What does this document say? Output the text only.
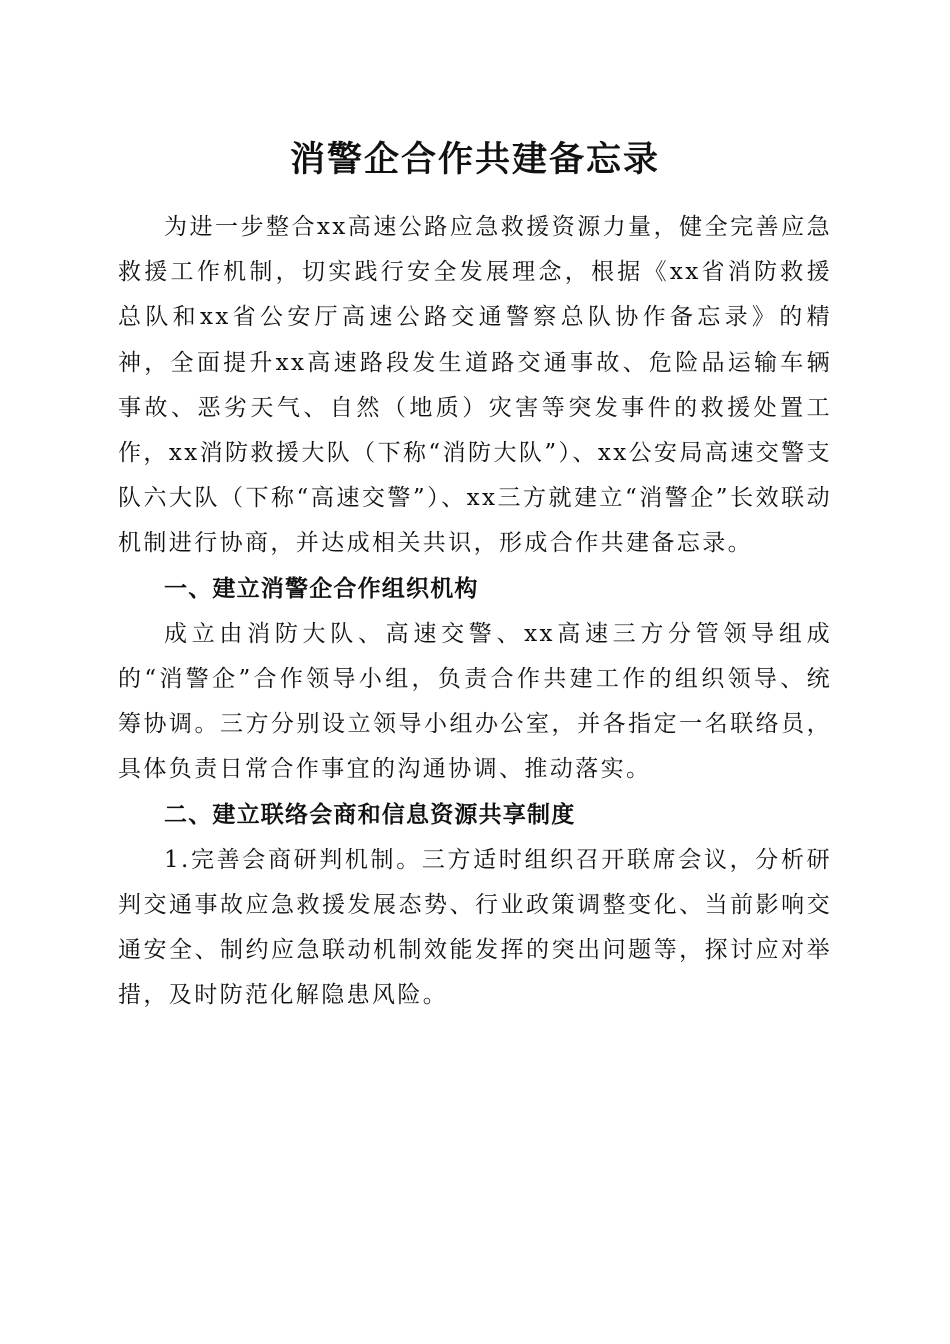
消警企合作共建备忘录

为进一步整合xx高速公路应急救援资源力量，健全完善应急救援工作机制，切实践行安全发展理念，根据《xx省消防救援总队和xx省公安厅高速公路交通警察总队协作备忘录》的精神，全面提升xx高速路段发生道路交通事故、危险品运输车辆事故、恶劣天气、自然（地质）灾害等突发事件的救援处置工作，xx消防救援大队（下称“消防大队”）、xx公安局高速交警支队六大队（下称“高速交警”）、xx三方就建立“消警企”长效联动机制进行协商，并达成相关共识，形成合作共建备忘录。

一、建立消警企合作组织机构

成立由消防大队、高速交警、xx高速三方分管领导组成的“消警企”合作领导小组，负责合作共建工作的组织领导、统筹协调。三方分别设立领导小组办公室，并各指定一名联络员，具体负责日常合作事宜的沟通协调、推动落实。

二、建立联络会商和信息资源共享制度

1.完善会商研判机制。三方适时组织召开联席会议，分析研判交通事故应急救援发展态势、行业政策调整变化、当前影响交通安全、制约应急联动机制效能发挥的突出问题等，探讨应对举措，及时防范化解隐患风险。
